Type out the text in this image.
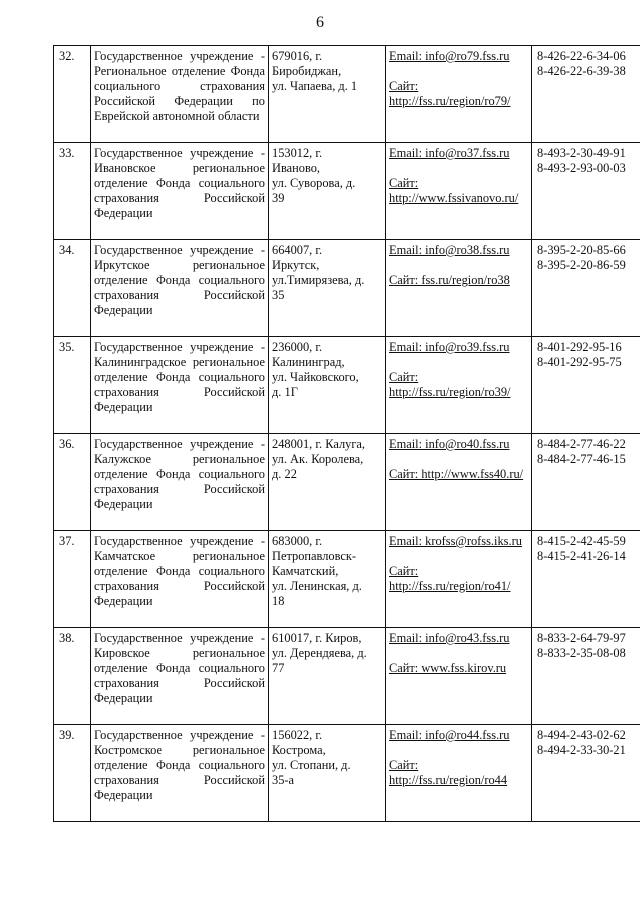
6
32.	Государственное учреждение - Региональное отделение Фонда социального страхования Российской Федерации по Еврейской автономной области	679016, г.
Биробиджан,
ул. Чапаева, д. 1	Email: info@ro79.fss.ru
Сайт: http://fss.ru/region/ro79/	8-426-22-6-34-06
8-426-22-6-39-38

33.	Государственное учреждение - Ивановское региональное отделение Фонда социального страхования Российской Федерации	153012, г.
Иваново,
ул. Суворова, д.
39	Email: info@ro37.fss.ru
Сайт: http://www.fssivanovo.ru/	8-493-2-30-49-91
8-493-2-93-00-03

34.	Государственное учреждение - Иркутское региональное отделение Фонда социального страхования Российской Федерации	664007, г.
Иркутск,
ул.Тимирязева, д.
35	Email: info@ro38.fss.ru
Сайт: fss.ru/region/ro38	8-395-2-20-85-66
8-395-2-20-86-59

35.	Государственное учреждение - Калининградское региональное отделение Фонда социального страхования Российской Федерации	236000, г.
Калининград,
ул. Чайковского,
д. 1Г	Email: info@ro39.fss.ru
Сайт: http://fss.ru/region/ro39/	8-401-292-95-16
8-401-292-95-75

36.	Государственное учреждение - Калужское региональное отделение Фонда социального страхования Российской Федерации	248001, г. Калуга,
ул. Ак. Королева,
д. 22	Email: info@ro40.fss.ru
Сайт: http://www.fss40.ru/	8-484-2-77-46-22
8-484-2-77-46-15

37.	Государственное учреждение - Камчатское региональное отделение Фонда социального страхования Российской Федерации	683000, г.
Петропавловск-
Камчатский,
ул. Ленинская, д.
18	Email: krofss@rofss.iks.ru
Сайт: http://fss.ru/region/ro41/	8-415-2-42-45-59
8-415-2-41-26-14

38.	Государственное учреждение - Кировское региональное отделение Фонда социального страхования Российской Федерации	610017, г. Киров,
ул. Дерендяева, д.
77	Email: info@ro43.fss.ru
Сайт: www.fss.kirov.ru	8-833-2-64-79-97
8-833-2-35-08-08

39.	Государственное учреждение - Костромское региональное отделение Фонда социального страхования Российской Федерации	156022, г.
Кострома,
ул. Стопани, д.
35-а	Email: info@ro44.fss.ru
Сайт: http://fss.ru/region/ro44	8-494-2-43-02-62
8-494-2-33-30-21
